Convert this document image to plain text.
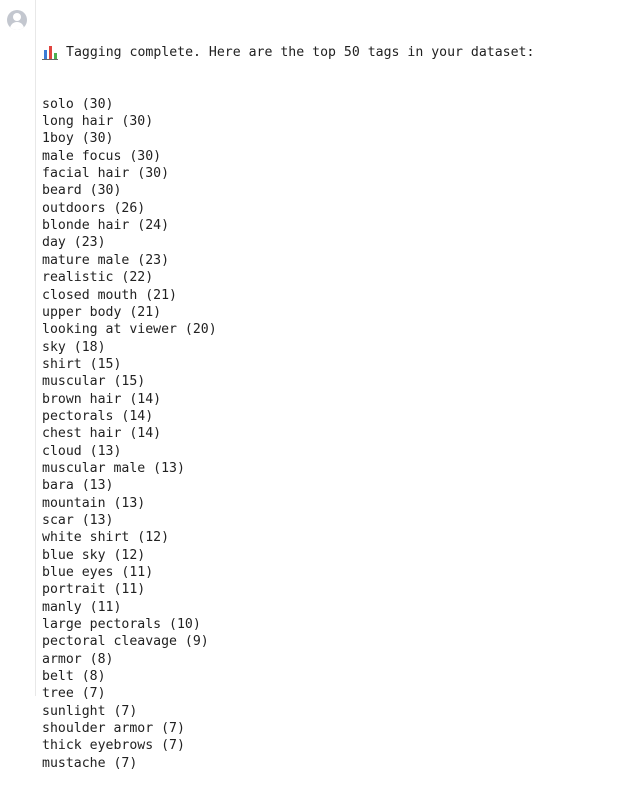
Tagging complete. Here are the top 50 tags in your dataset:

solo (30)
long hair (30)
1boy (30)
male focus (30)
facial hair (30)
beard (30)
outdoors (26)
blonde hair (24)
day (23)
mature male (23)
realistic (22)
closed mouth (21)
upper body (21)
looking at viewer (20)
sky (18)
shirt (15)
muscular (15)
brown hair (14)
pectorals (14)
chest hair (14)
cloud (13)
muscular male (13)
bara (13)
mountain (13)
scar (13)
white shirt (12)
blue sky (12)
blue eyes (11)
portrait (11)
manly (11)
large pectorals (10)
pectoral cleavage (9)
armor (8)
belt (8)
tree (7)
sunlight (7)
shoulder armor (7)
thick eyebrows (7)
mustache (7)
